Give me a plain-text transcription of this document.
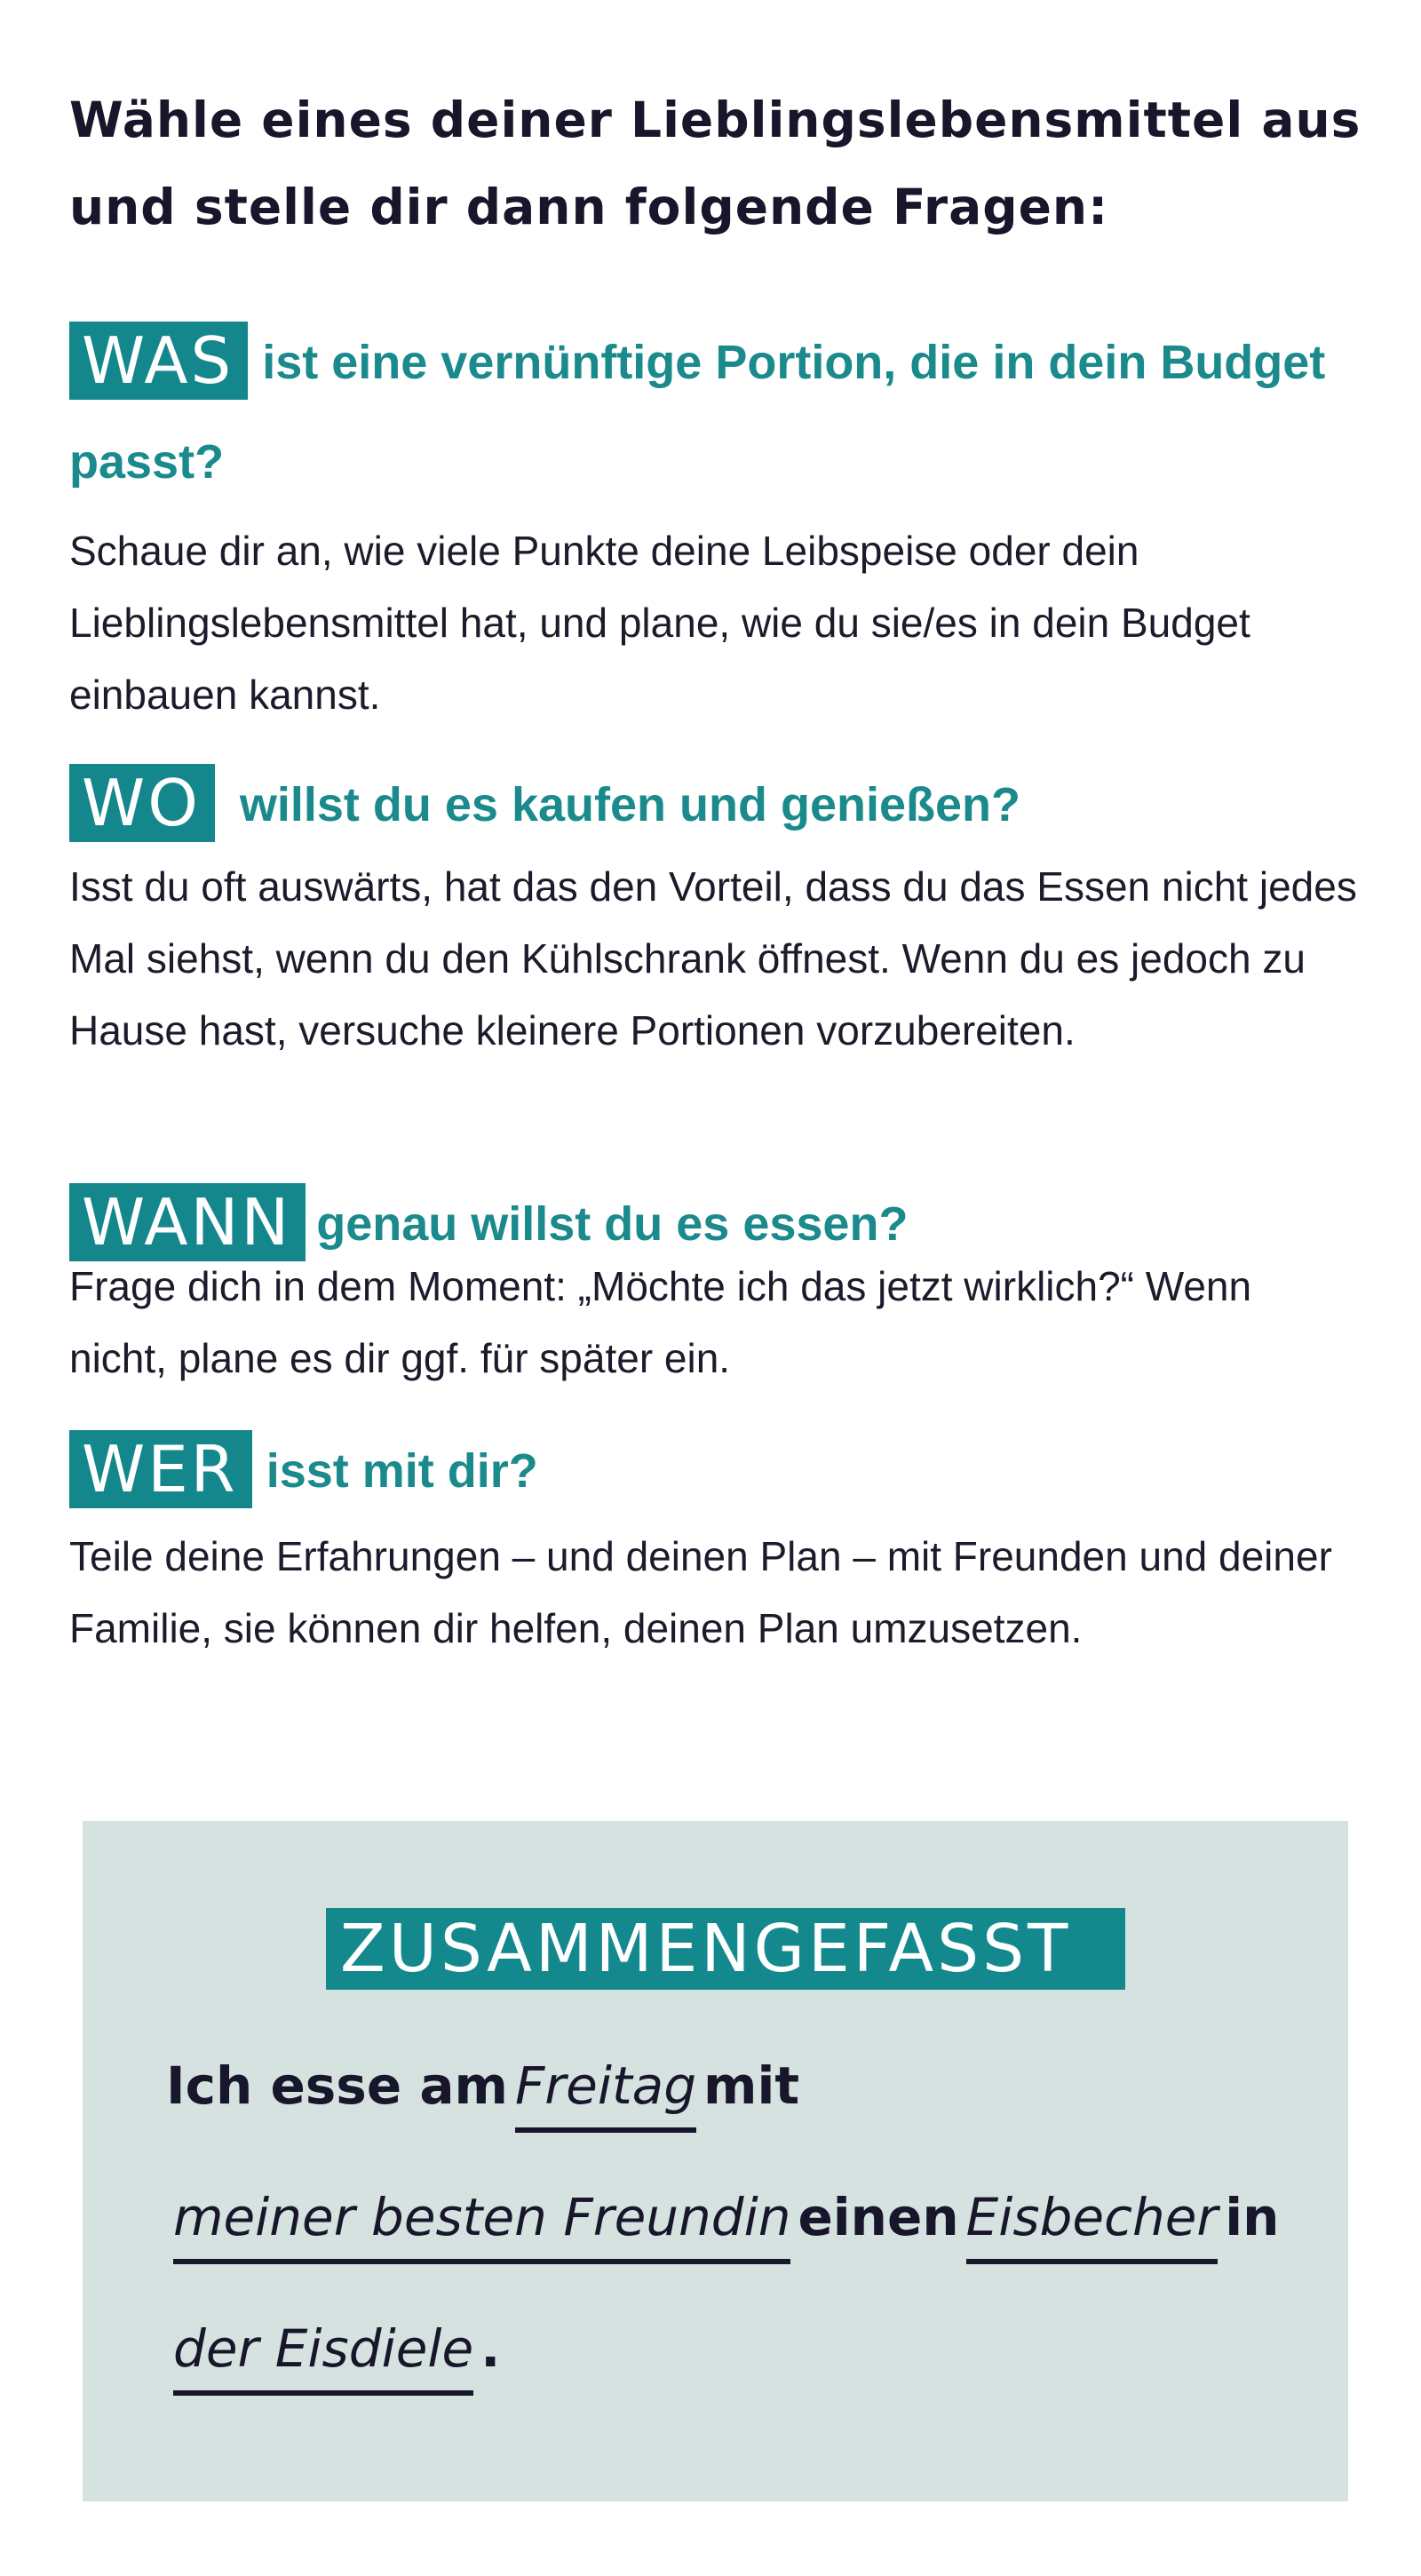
Wähle eines deiner Lieblingslebensmittel aus und stelle dir dann folgende Fragen:

WAS ist eine vernünftige Portion, die in dein Budget passt?

Schaue dir an, wie viele Punkte deine Leibspeise oder dein Lieblingslebensmittel hat, und plane, wie du sie/es in dein Budget einbauen kannst.

WO willst du es kaufen und genießen?

Isst du oft auswärts, hat das den Vorteil, dass du das Essen nicht jedes Mal siehst, wenn du den Kühlschrank öffnest. Wenn du es jedoch zu Hause hast, versuche kleinere Portionen vorzubereiten.

WANN genau willst du es essen?

Frage dich in dem Moment: „Möchte ich das jetzt wirklich?“ Wenn nicht, plane es dir ggf. für später ein.

WER isst mit dir?

Teile deine Erfahrungen – und deinen Plan – mit Freunden und deiner Familie, sie können dir helfen, deinen Plan umzusetzen.

ZUSAMMENGEFASST

Ich esse am Freitag mitmeiner besten Freundin einen Eisbecher inder Eisdiele .
